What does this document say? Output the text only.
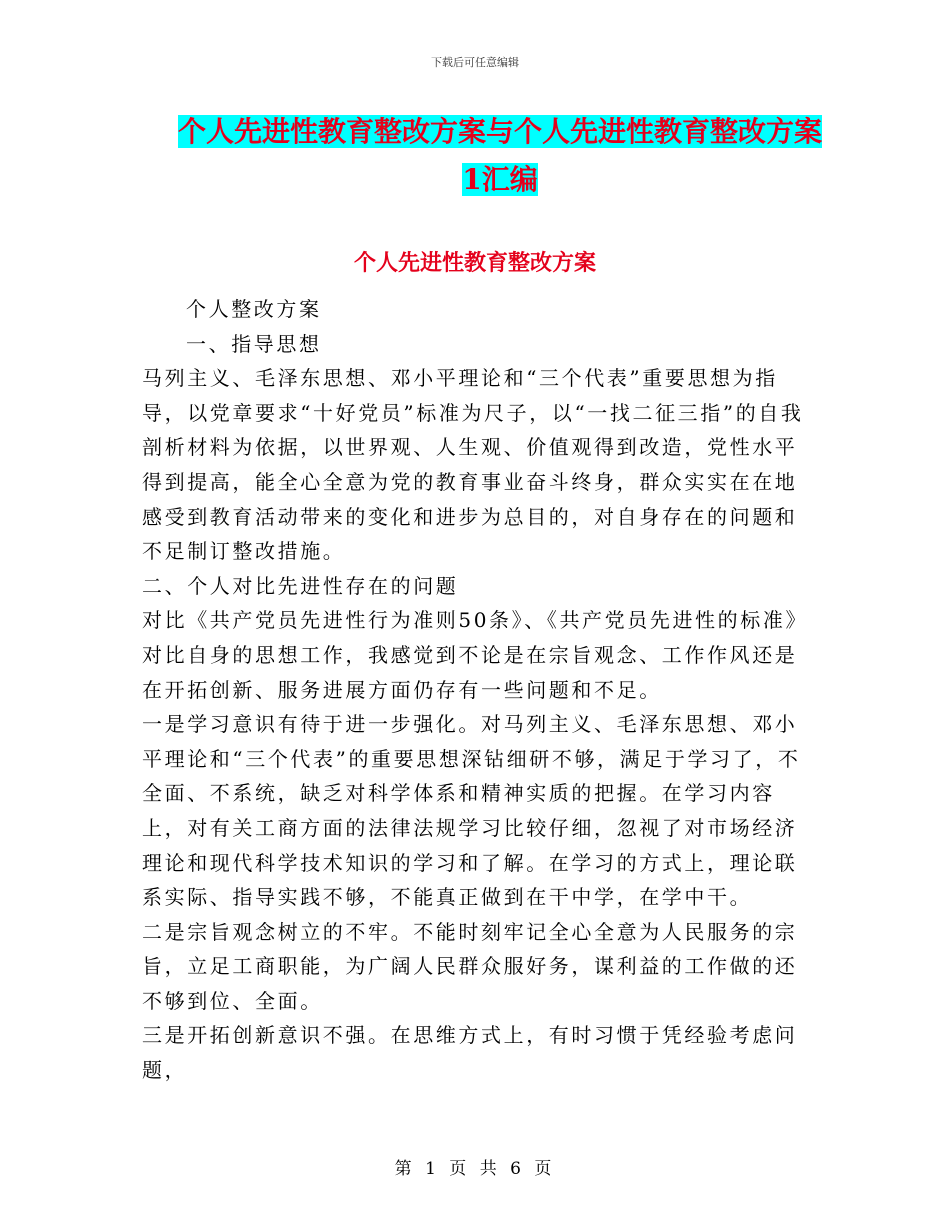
下载后可任意编辑
个人先进性教育整改方案与个人先进性教育整改方案
1汇编
个人先进性教育整改方案

个人整改方案

一、指导思想

马列主义、毛泽东思想、邓小平理论和“三个代表”重要思想为指导，以党章要求“十好党员”标准为尺子，以“一找二征三指”的自我剖析材料为依据，以世界观、人生观、价值观得到改造，党性水平得到提高，能全心全意为党的教育事业奋斗终身，群众实实在在地感受到教育活动带来的变化和进步为总目的，对自身存在的问题和不足制订整改措施。

二、个人对比先进性存在的问题

对比《共产党员先进性行为准则50条》、《共产党员先进性的标准》对比自身的思想工作，我感觉到不论是在宗旨观念、工作作风还是在开拓创新、服务进展方面仍存有一些问题和不足。

一是学习意识有待于进一步强化。对马列主义、毛泽东思想、邓小平理论和“三个代表”的重要思想深钻细研不够，满足于学习了，不全面、不系统，缺乏对科学体系和精神实质的把握。在学习内容上，对有关工商方面的法律法规学习比较仔细，忽视了对市场经济理论和现代科学技术知识的学习和了解。在学习的方式上，理论联系实际、指导实践不够，不能真正做到在干中学，在学中干。

二是宗旨观念树立的不牢。不能时刻牢记全心全意为人民服务的宗旨，立足工商职能，为广阔人民群众服好务，谋利益的工作做的还不够到位、全面。

三是开拓创新意识不强。在思维方式上，有时习惯于凭经验考虑问题，

第 1 页 共 6 页
